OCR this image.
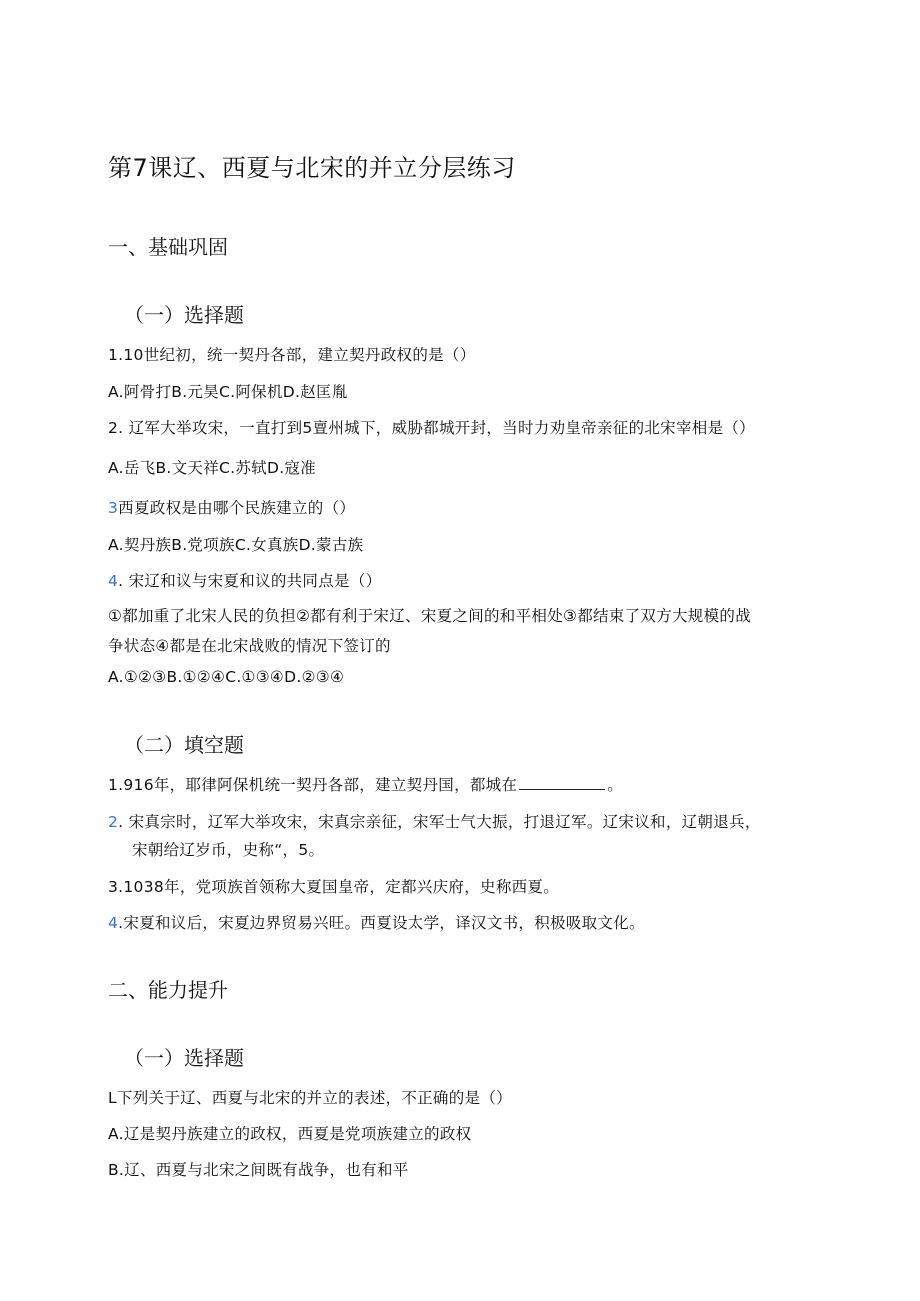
第7课辽、西夏与北宋的并立分层练习
一、基础巩固
（一）选择题
1.10世纪初，统一契丹各部，建立契丹政权的是（）
A.阿骨打B.元昊C.阿保机D.赵匡胤
2. 辽军大举攻宋，一直打到5亶州城下，威胁都城开封，当时力劝皇帝亲征的北宋宰相是（）
A.岳飞B.文天祥C.苏轼D.寇准
3西夏政权是由哪个民族建立的（）
A.契丹族B.党项族C.女真族D.蒙古族
4. 宋辽和议与宋夏和议的共同点是（）
①都加重了北宋人民的负担②都有利于宋辽、宋夏之间的和平相处③都结束了双方大规模的战
争状态④都是在北宋战败的情况下签订的
A.①②③B.①②④C.①③④D.②③④
（二）填空题
1.916年，耶律阿保机统一契丹各部，建立契丹国，都城在	。
2. 宋真宗时，辽军大举攻宋，宋真宗亲征，宋军士气大振，打退辽军。辽宋议和，辽朝退兵，
宋朝给辽岁币，史称“，5。
3.1038年，党项族首领称大夏国皇帝，定都兴庆府，史称西夏。
4.宋夏和议后，宋夏边界贸易兴旺。西夏设太学，译汉文书，积极吸取文化。
二、能力提升
（一）选择题
L下列关于辽、西夏与北宋的并立的表述，不正确的是（）
A.辽是契丹族建立的政权，西夏是党项族建立的政权
B.辽、西夏与北宋之间既有战争，也有和平
